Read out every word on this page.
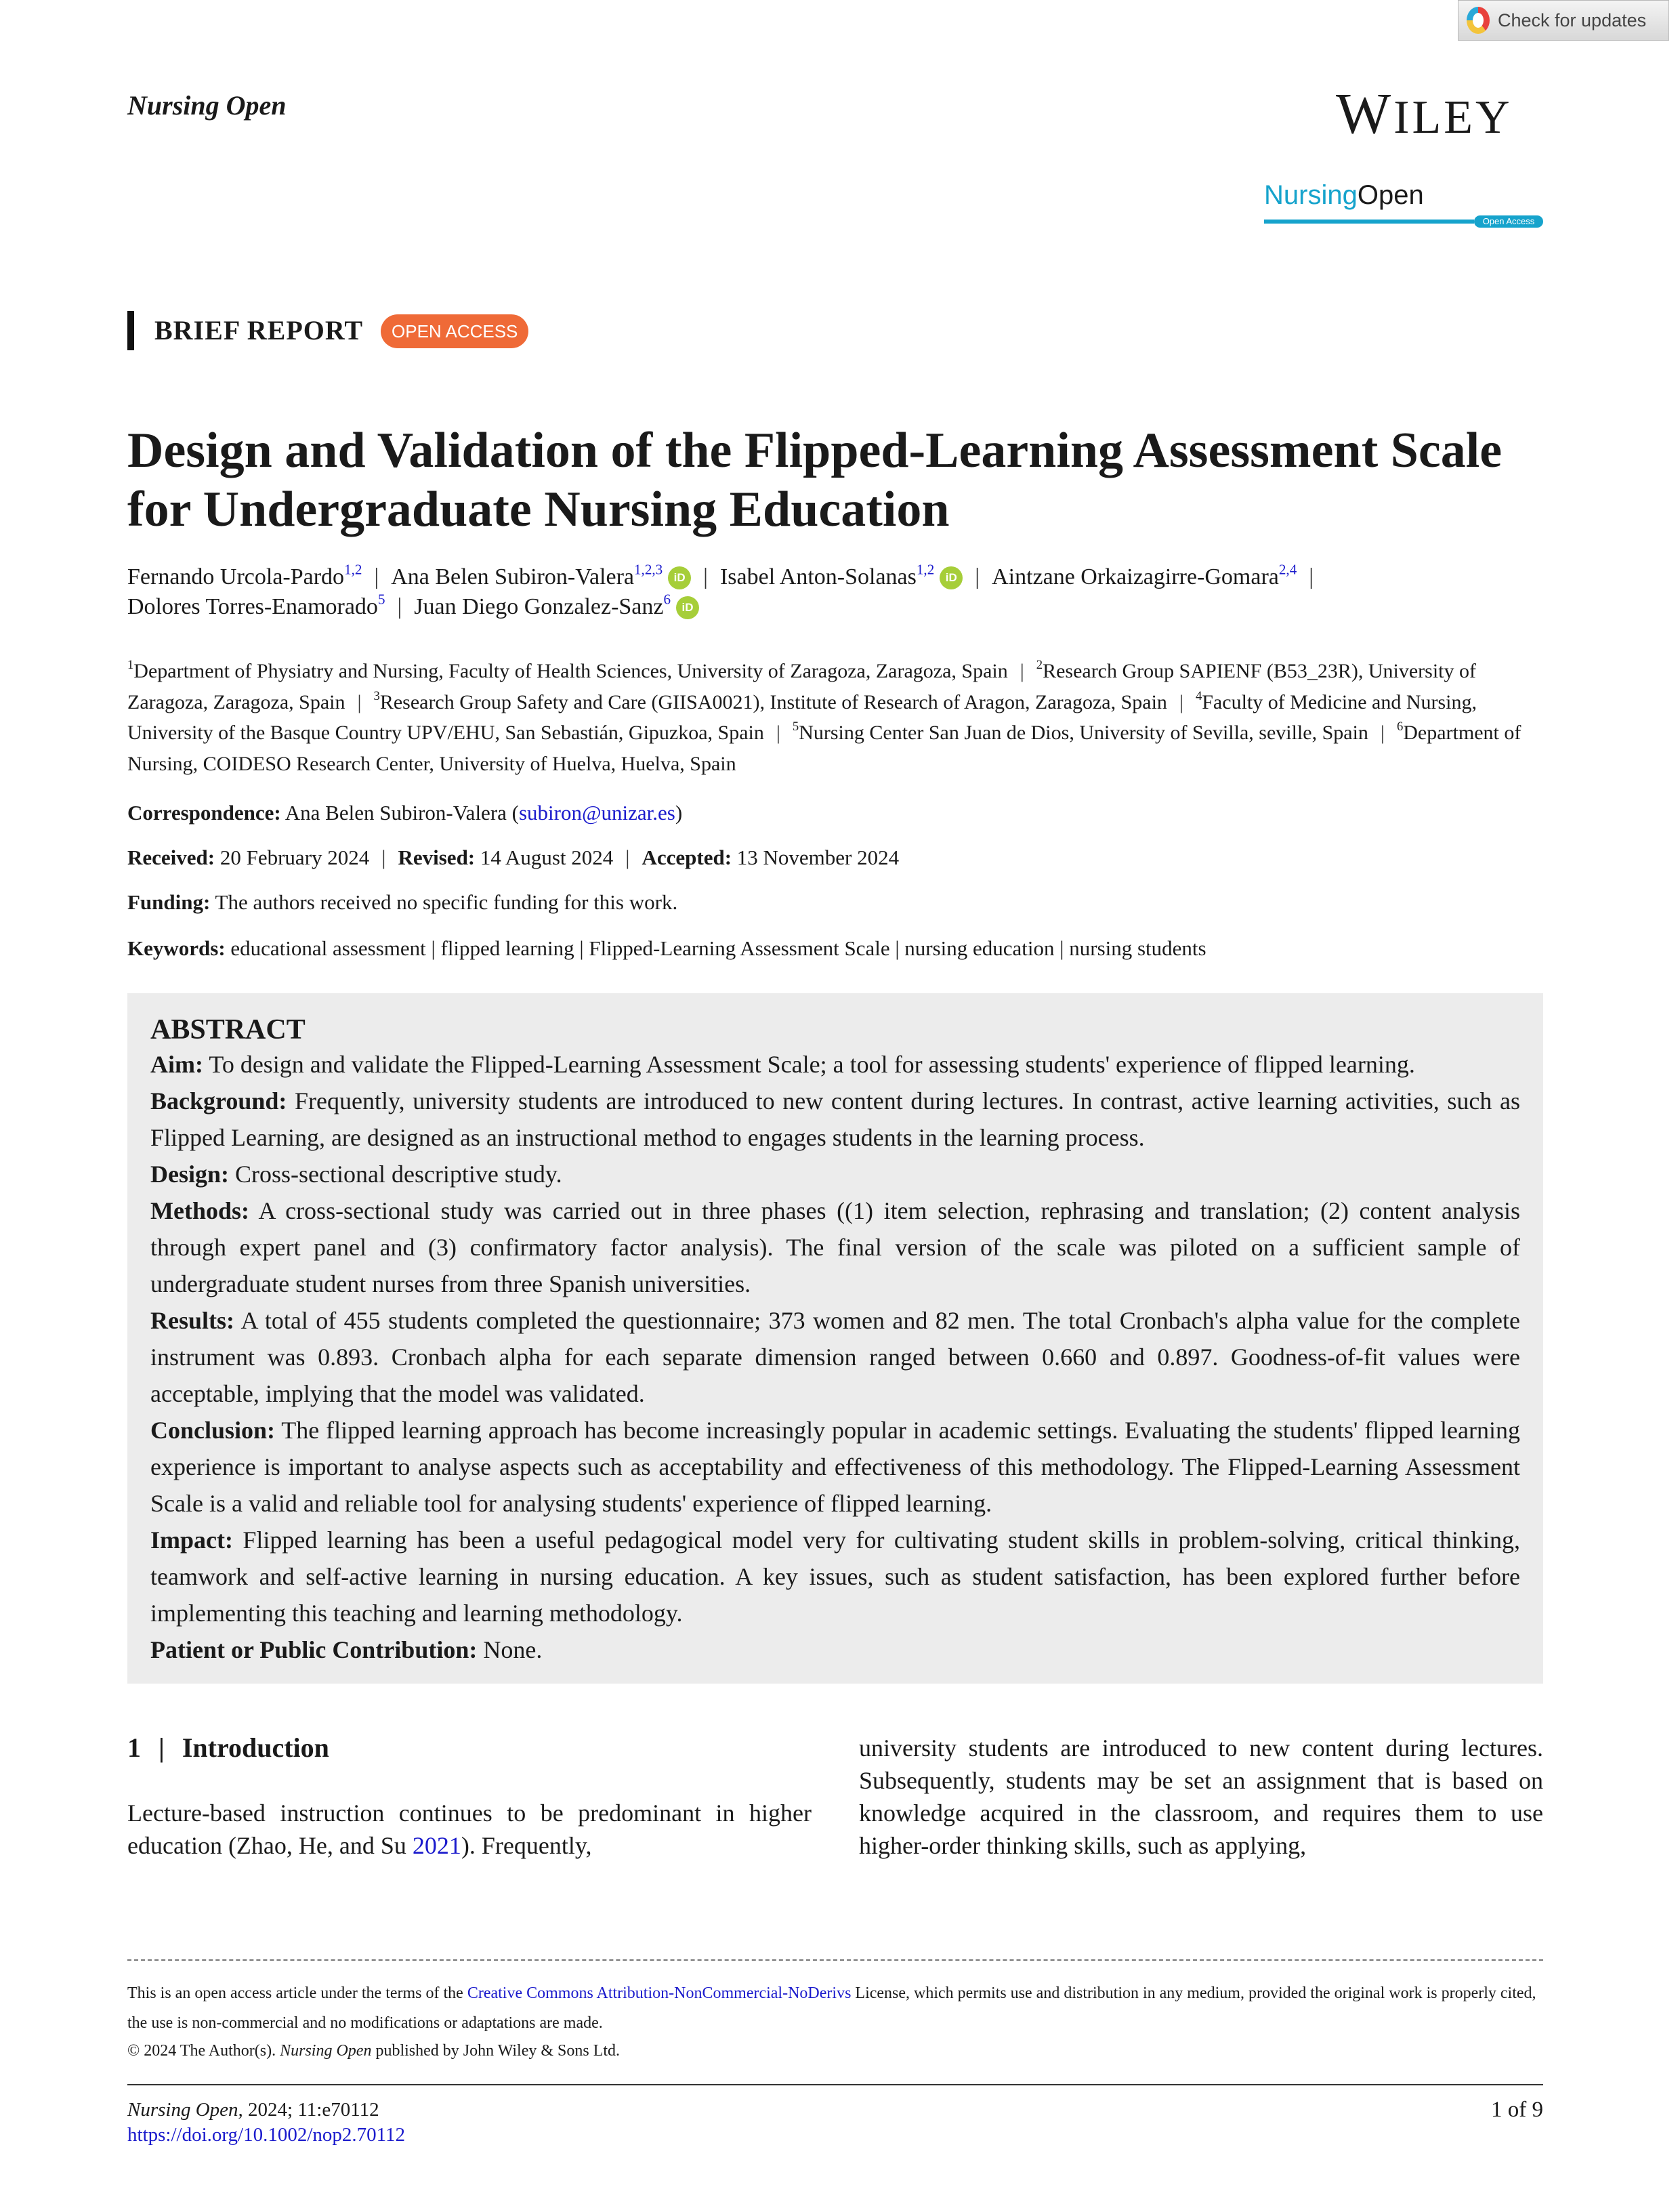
Check for updates
Nursing Open	WILEY
NursingOpen
Open Access
BRIEF REPORT	OPEN ACCESS
Design and Validation of the Flipped-Learning Assessment Scale for Undergraduate Nursing Education
Fernando Urcola-Pardo$^{1,2}$ | Ana Belen Subiron-Valera$^{1,2,3}$iD | Isabel Anton-Solanas$^{1,2}$iD | Aintzane Orkaizagirre-Gomara$^{2,4}$ |
Dolores Torres-Enamorado$^5$ | Juan Diego Gonzalez-Sanz$^6$iD
$^1$Department of Physiatry and Nursing, Faculty of Health Sciences, University of Zaragoza, Zaragoza, Spain | $^2$Research Group SAPIENF (B53_23R), University of Zaragoza, Zaragoza, Spain | $^3$Research Group Safety and Care (GIISA0021), Institute of Research of Aragon, Zaragoza, Spain | $^4$Faculty of Medicine and Nursing, University of the Basque Country UPV/EHU, San Sebastián, Gipuzkoa, Spain | $^5$Nursing Center San Juan de Dios, University of Sevilla, seville, Spain | $^6$Department of Nursing, COIDESO Research Center, University of Huelva, Huelva, Spain
Correspondence: Ana Belen Subiron-Valera (subiron@unizar.es)
Received: 20 February 2024 | Revised: 14 August 2024 | Accepted: 13 November 2024
Funding: The authors received no specific funding for this work.
Keywords: educational assessment | flipped learning | Flipped-Learning Assessment Scale | nursing education | nursing students
ABSTRACT

Aim: To design and validate the Flipped-Learning Assessment Scale; a tool for assessing students' experience of flipped learning.

Background: Frequently, university students are introduced to new content during lectures. In contrast, active learning activities, such as Flipped Learning, are designed as an instructional method to engages students in the learning process.

Design: Cross-sectional descriptive study.

Methods: A cross-sectional study was carried out in three phases ((1) item selection, rephrasing and translation; (2) content analysis through expert panel and (3) confirmatory factor analysis). The final version of the scale was piloted on a sufficient sample of undergraduate student nurses from three Spanish universities.

Results: A total of 455 students completed the questionnaire; 373 women and 82 men. The total Cronbach's alpha value for the complete instrument was 0.893. Cronbach alpha for each separate dimension ranged between 0.660 and 0.897. Goodness-of-fit values were acceptable, implying that the model was validated.

Conclusion: The flipped learning approach has become increasingly popular in academic settings. Evaluating the students' flipped learning experience is important to analyse aspects such as acceptability and effectiveness of this methodology. The Flipped-Learning Assessment Scale is a valid and reliable tool for analysing students' experience of flipped learning.

Impact: Flipped learning has been a useful pedagogical model very for cultivating student skills in problem-solving, critical thinking, teamwork and self-active learning in nursing education. A key issues, such as student satisfaction, has been explored further before implementing this teaching and learning methodology.

Patient or Public Contribution: None.

1 | Introduction
Lecture-based instruction continues to be predominant in higher education (Zhao, He, and Su 2021). Frequently,
university students are introduced to new content during lectures. Subsequently, students may be set an assignment that is based on knowledge acquired in the classroom, and requires them to use higher-order thinking skills, such as applying,
This is an open access article under the terms of the Creative Commons Attribution-NonCommercial-NoDerivs License, which permits use and distribution in any medium, provided the original work is properly cited, the use is non-commercial and no modifications or adaptations are made.
© 2024 The Author(s). Nursing Open published by John Wiley & Sons Ltd.
Nursing Open, 2024; 11:e70112
https://doi.org/10.1002/nop2.70112
1 of 9
